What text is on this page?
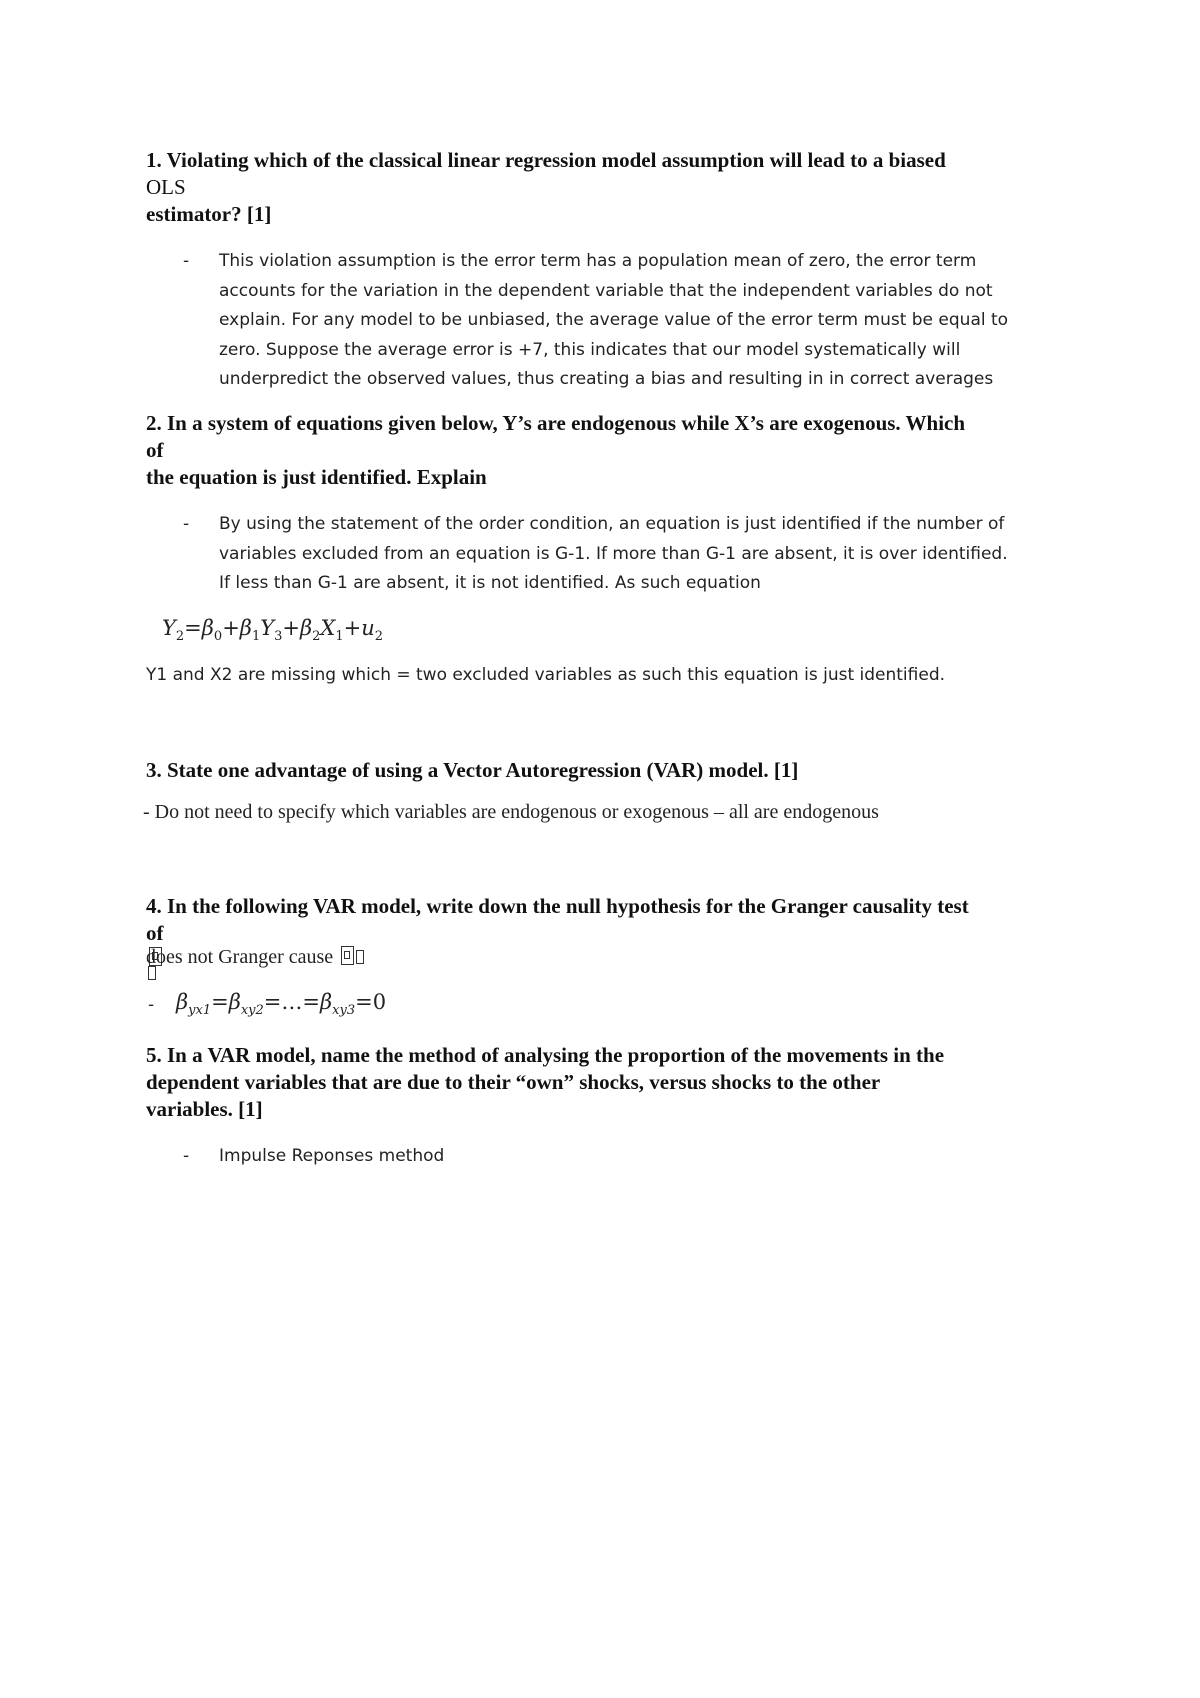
1. Violating which of the classical linear regression model assumption will lead to a biased
OLS
estimator? [1]
- This violation assumption is the error term has a population mean of zero, the error term
accounts for the variation in the dependent variable that the independent variables do not
explain. For any model to be unbiased, the average value of the error term must be equal to
zero. Suppose the average error is +7, this indicates that our model systematically will
underpredict the observed values, thus creating a bias and resulting in in correct averages
2. In a system of equations given below, Y’s are endogenous while X’s are exogenous. Which
of
the equation is just identified. Explain
- By using the statement of the order condition, an equation is just identified if the number of
variables excluded from an equation is G-1. If more than G-1 are absent, it is over identified.
If less than G-1 are absent, it is not identified. As such equation
$Y_2=\beta_0+\beta_1Y_3+\beta_2X_1+u_2$
Y1 and X2 are missing which = two excluded variables as such this equation is just identified.
3. State one advantage of using a Vector Autoregression (VAR) model. [1]
- Do not need to specify which variables are endogenous or exogenous – all are endogenous
4. In the following VAR model, write down the null hypothesis for the Granger causality test
of
does not Granger cause
- $\beta_{yx1}=\beta_{xy2}=\dots=\beta_{xy3}=0$
5. In a VAR model, name the method of analysing the proportion of the movements in the
dependent variables that are due to their “own” shocks, versus shocks to the other
variables. [1]
- Impulse Reponses method
